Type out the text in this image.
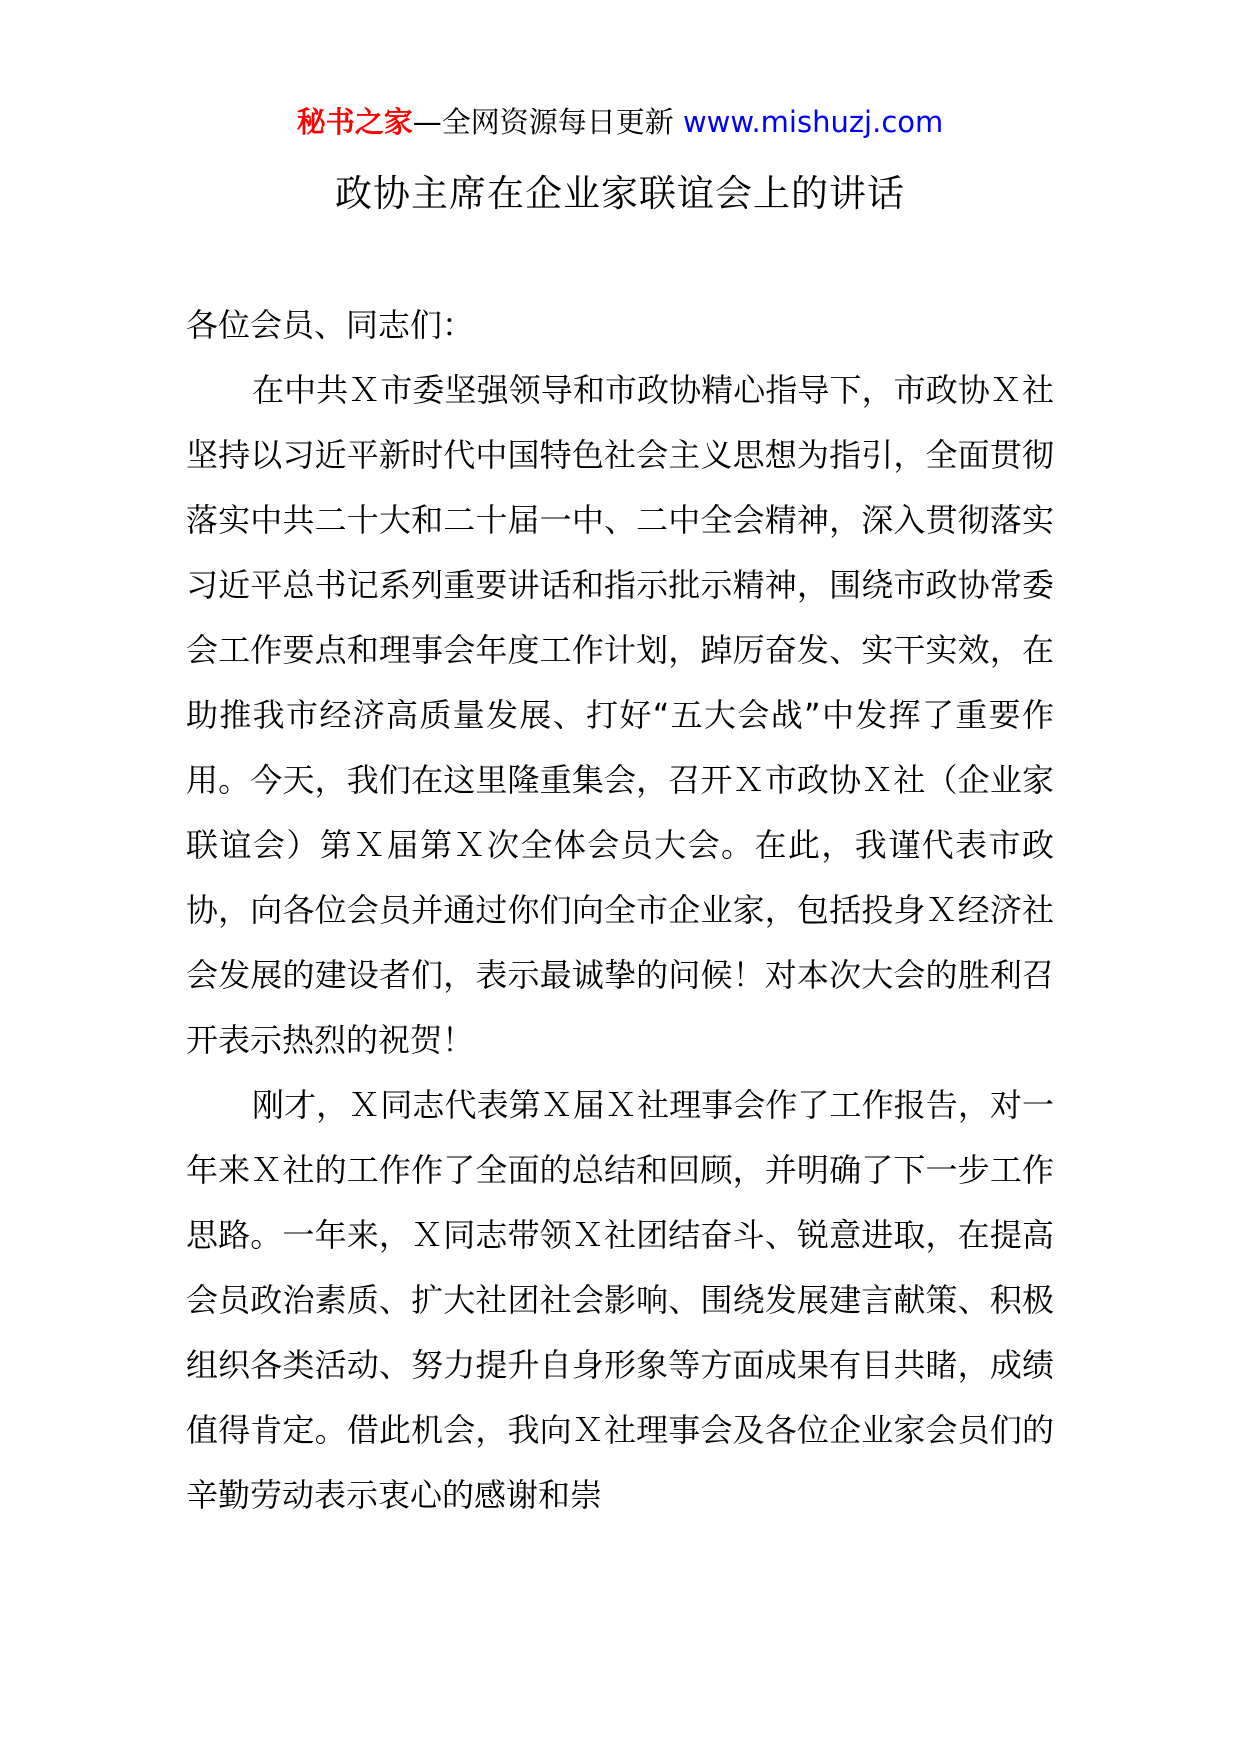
秘书之家—全网资源每日更新 www.mishuzj.com
政协主席在企业家联谊会上的讲话

各位会员、同志们：

在中共Ｘ市委坚强领导和市政协精心指导下，市政协Ｘ社坚持以习近平新时代中国特色社会主义思想为指引，全面贯彻落实中共二十大和二十届一中、二中全会精神，深入贯彻落实习近平总书记系列重要讲话和指示批示精神，围绕市政协常委会工作要点和理事会年度工作计划，踔厉奋发、实干实效，在助推我市经济高质量发展、打好“五大会战”中发挥了重要作用。今天，我们在这里隆重集会，召开Ｘ市政协Ｘ社（企业家联谊会）第Ｘ届第Ｘ次全体会员大会。在此，我谨代表市政协，向各位会员并通过你们向全市企业家，包括投身Ｘ经济社会发展的建设者们，表示最诚挚的问候！对本次大会的胜利召开表示热烈的祝贺！

刚才，Ｘ同志代表第Ｘ届Ｘ社理事会作了工作报告，对一年来Ｘ社的工作作了全面的总结和回顾，并明确了下一步工作思路。一年来，Ｘ同志带领Ｘ社团结奋斗、锐意进取，在提高会员政治素质、扩大社团社会影响、围绕发展建言献策、积极组织各类活动、努力提升自身形象等方面成果有目共睹，成绩值得肯定。借此机会，我向Ｘ社理事会及各位企业家会员们的辛勤劳动表示衷心的感谢和崇
